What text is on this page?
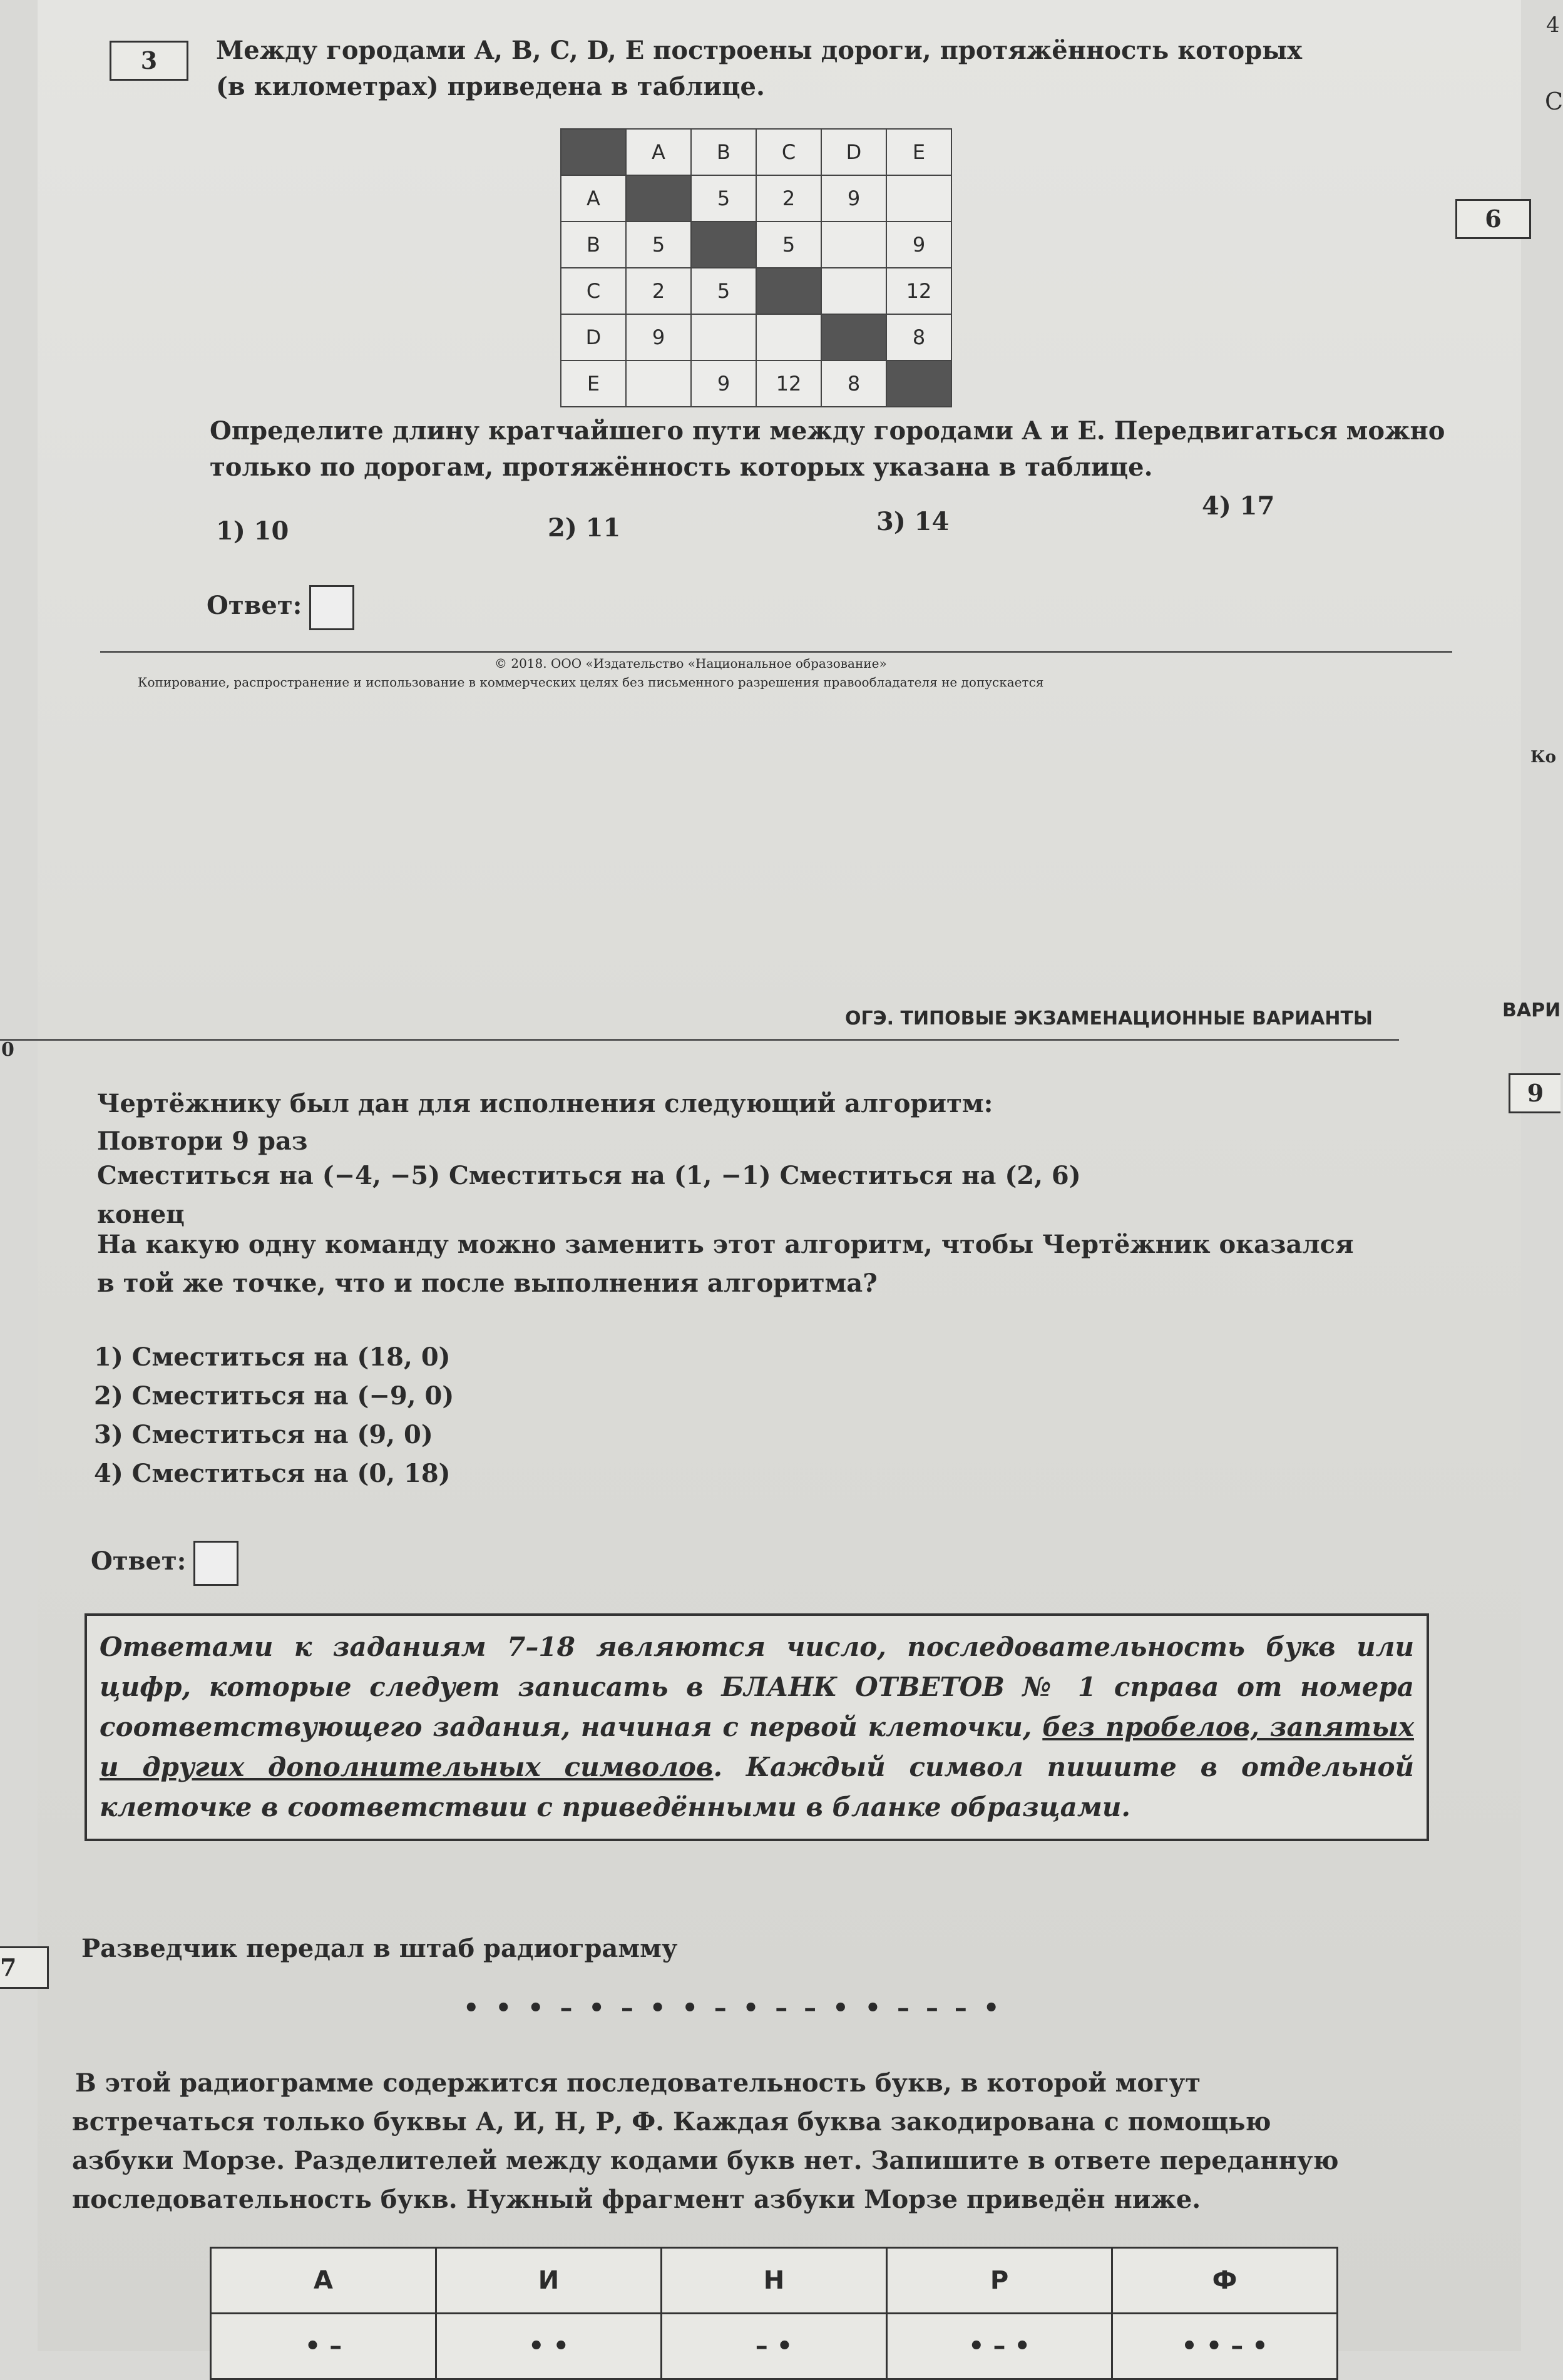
3	Между городами A, B, C, D, E построены дороги, протяжённость которых
(в километрах) приведена в таблице.
	A	B	C	D	E
A		5	2	9	
B	5		5		9
C	2	5			12
D	9				8
E		9	12	8	
Определите длину кратчайшего пути между городами A и E. Передвигаться можно
только по дорогам, протяжённость которых указана в таблице.
1) 10	2) 11	3) 14
4) 17
Ответ:
© 2018. ООО «Издательство «Национальное образование»
Копирование, распространение и использование в коммерческих целях без письменного разрешения правообладателя не допускается
6
ОГЭ. ТИПОВЫЕ ЭКЗАМЕНАЦИОННЫЕ ВАРИАНТЫ
9
Чертёжнику был дан для исполнения следующий алгоритм:
Повтори 9 раз
Сместиться на (−4, −5) Сместиться на (1, −1) Сместиться на (2, 6)
конец
На какую одну команду можно заменить этот алгоритм, чтобы Чертёжник оказался
в той же точке, что и после выполнения алгоритма?
1) Сместиться на (18, 0)
2) Сместиться на (−9, 0)
3) Сместиться на (9, 0)
4) Сместиться на (0, 18)
Ответ:
Ответами к заданиям 7–18 являются число, последовательность букв или цифр, которые следует записать в БЛАНК ОТВЕТОВ № 1 справа от номера соответствующего задания, начиная с первой клеточки, без пробелов, запятых и других дополнительных символов. Каждый символ пишите в отдельной клеточке в соответствии с приведёнными в бланке образцами.
7
Разведчик передал в штаб радиограмму
• • • – • – • • – • – – • • – – – •
В этой радиограмме содержится последовательность букв, в которой могут
встречаться только буквы А, И, Н, Р, Ф. Каждая буква закодирована с помощью
азбуки Морзе. Разделителей между кодами букв нет. Запишите в ответе переданную
последовательность букв. Нужный фрагмент азбуки Морзе приведён ниже.
А	И	Н	Р	Ф
• –	• •	– •	• – •	• • – •
4
С
Ко
ВАРИ
0
